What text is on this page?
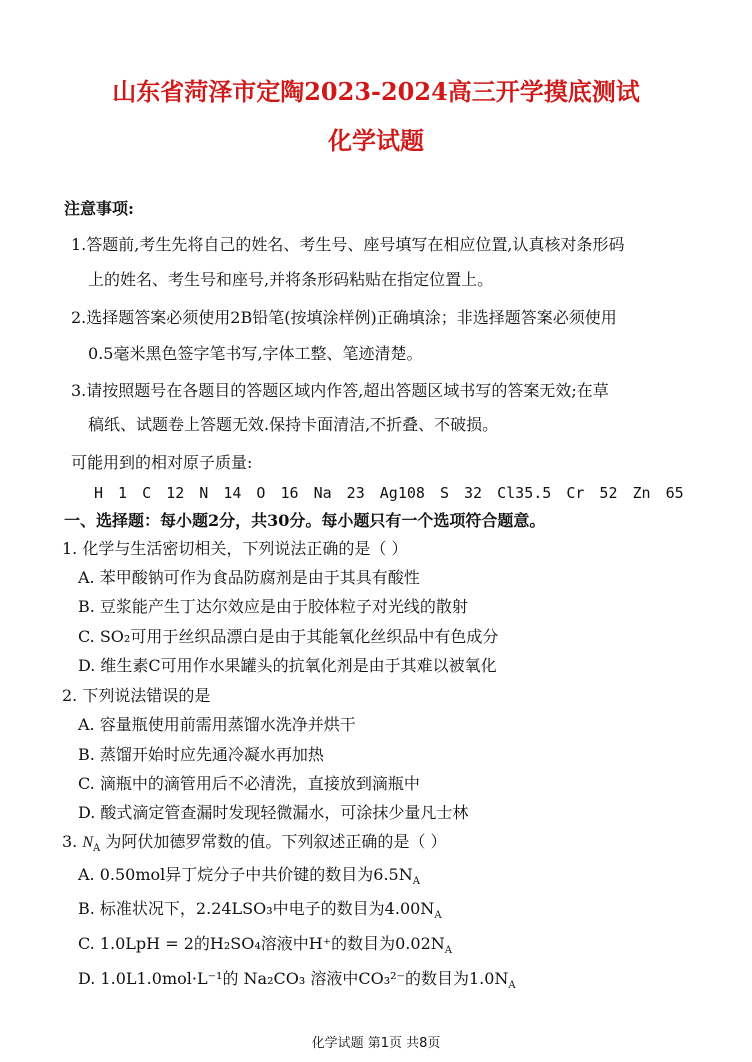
山东省菏泽市定陶2023-2024高三开学摸底测试
化学试题
注意事项:
1.答题前,考生先将自己的姓名、考生号、座号填写在相应位置,认真核对条形码
上的姓名、考生号和座号,并将条形码粘贴在指定位置上。
2.选择题答案必须使用2B铅笔(按填涂样例)正确填涂；非选择题答案必须使用
0.5毫米黑色签字笔书写,字体工整、笔迹清楚。
3.请按照题号在各题目的答题区域内作答,超出答题区域书写的答案无效;在草
稿纸、试题卷上答题无效.保持卡面清洁,不折叠、不破损。
可能用到的相对原子质量:
H 1 C 12 N 14 O 16 Na 23 Ag108 S 32 Cl35.5 Cr 52 Zn 65
一、选择题：每小题2分，共30分。每小题只有一个选项符合题意。
1. 化学与生活密切相关，下列说法正确的是（ ）
A. 苯甲酸钠可作为食品防腐剂是由于其具有酸性
B. 豆浆能产生丁达尔效应是由于胶体粒子对光线的散射
C. SO₂可用于丝织品漂白是由于其能氧化丝织品中有色成分
D. 维生素C可用作水果罐头的抗氧化剂是由于其难以被氧化
2. 下列说法错误的是
A. 容量瓶使用前需用蒸馏水洗净并烘干
B. 蒸馏开始时应先通冷凝水再加热
C. 滴瓶中的滴管用后不必清洗，直接放到滴瓶中
D. 酸式滴定管查漏时发现轻微漏水，可涂抹少量凡士林
3. $N_A$ 为阿伏加德罗常数的值。下列叙述正确的是（ ）
A. 0.50mol异丁烷分子中共价键的数目为$6.5N_A$
B. 标准状况下，2.24LSO₃中电子的数目为$4.00N_A$
C. 1.0LpH = 2的H₂SO₄溶液中H⁺的数目为$0.02N_A$
D. 1.0L1.0mol·L⁻¹的 Na₂CO₃ 溶液中CO₃²⁻的数目为$1.0N_A$
化学试题 第1页 共8页
